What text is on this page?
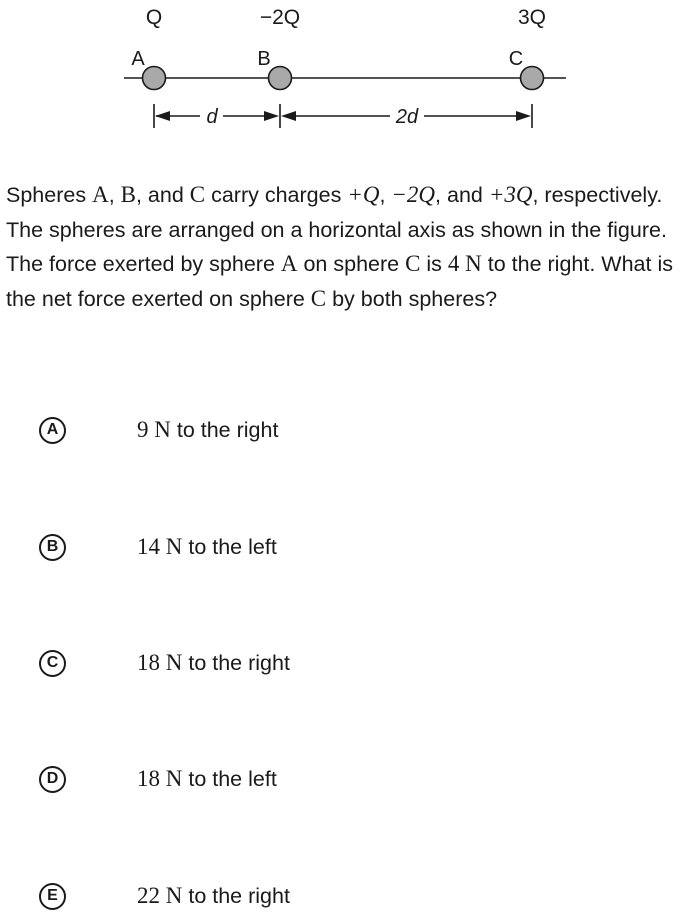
Q	−2Q	3Q
A	B	C
d	2d

Spheres A, B, and C carry charges +Q, −2Q, and +3Q, respectively. The spheres are arranged on a horizontal axis as shown in the figure. The force exerted by sphere A on sphere C is 4 N to the right. What is the net force exerted on sphere C by both spheres?

A	9 N to the right
B	14 N to the left
C	18 N to the right
D	18 N to the left
E	22 N to the right
